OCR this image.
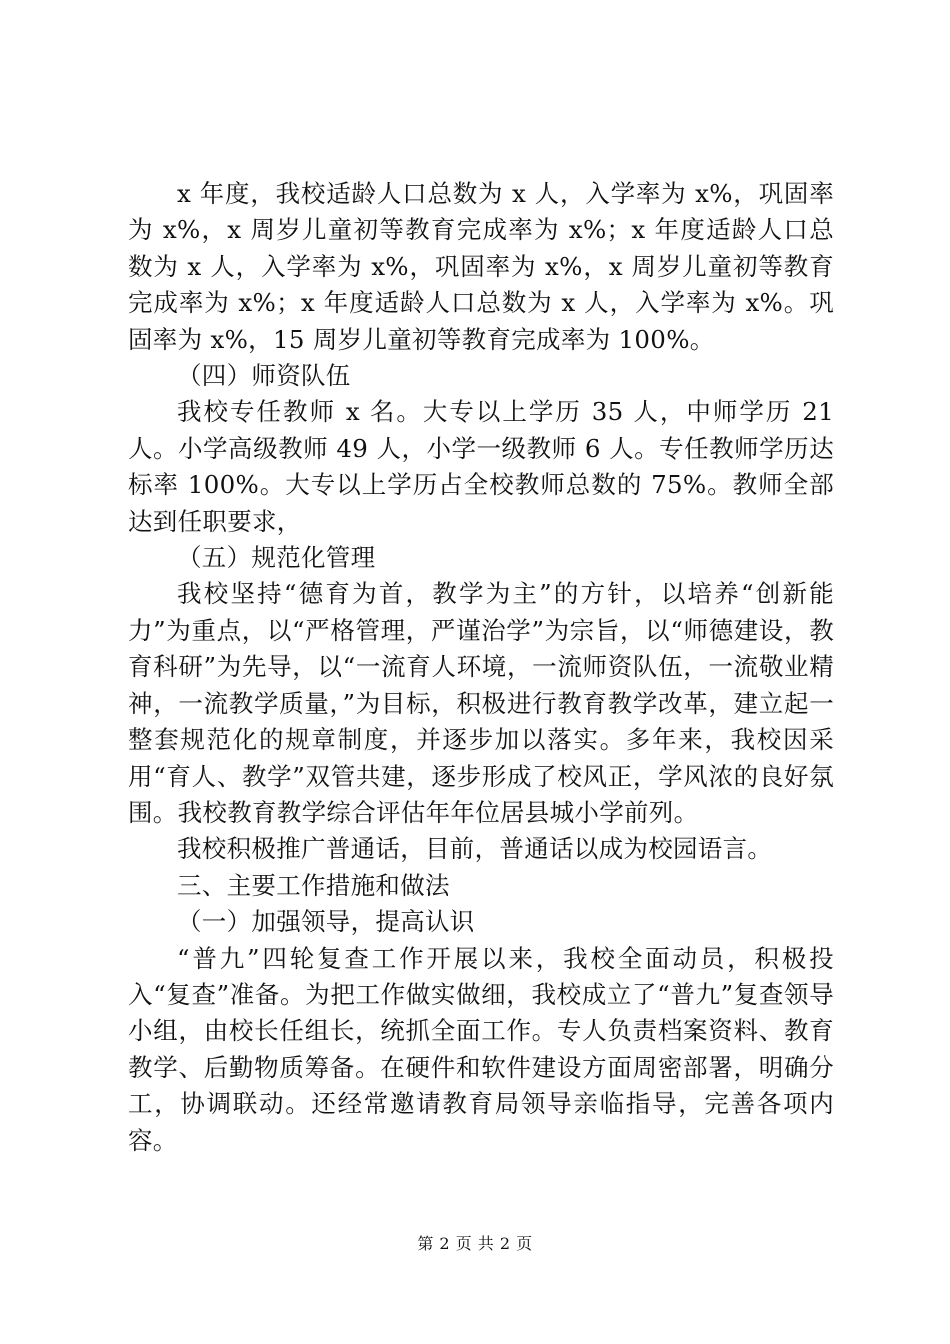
x 年度，我校适龄人口总数为 x 人，入学率为 x%，巩固率为 x%，x 周岁儿童初等教育完成率为 x%；x 年度适龄人口总数为 x 人，入学率为 x%，巩固率为 x%，x 周岁儿童初等教育完成率为 x%；x 年度适龄人口总数为 x 人，入学率为 x%。巩固率为 x%，15 周岁儿童初等教育完成率为 100%。

（四）师资队伍

我校专任教师 x 名。大专以上学历 35 人，中师学历 21 人。小学高级教师 49 人，小学一级教师 6 人。专任教师学历达标率 100%。大专以上学历占全校教师总数的 75%。教师全部达到任职要求，

（五）规范化管理

我校坚持“德育为首，教学为主”的方针，以培养“创新能力”为重点，以“严格管理，严谨治学”为宗旨，以“师德建设，教育科研”为先导，以“一流育人环境，一流师资队伍，一流敬业精神，一流教学质量，”为目标，积极进行教育教学改革，建立起一整套规范化的规章制度，并逐步加以落实。多年来，我校因采用“育人、教学”双管共建，逐步形成了校风正，学风浓的良好氛围。我校教育教学综合评估年年位居县城小学前列。

我校积极推广普通话，目前，普通话以成为校园语言。

三、主要工作措施和做法

（一）加强领导，提高认识

“普九”四轮复查工作开展以来，我校全面动员，积极投入“复查”准备。为把工作做实做细，我校成立了“普九”复查领导小组，由校长任组长，统抓全面工作。专人负责档案资料、教育教学、后勤物质筹备。在硬件和软件建设方面周密部署，明确分工，协调联动。还经常邀请教育局领导亲临指导，完善各项内容。

第 2 页 共 2 页
